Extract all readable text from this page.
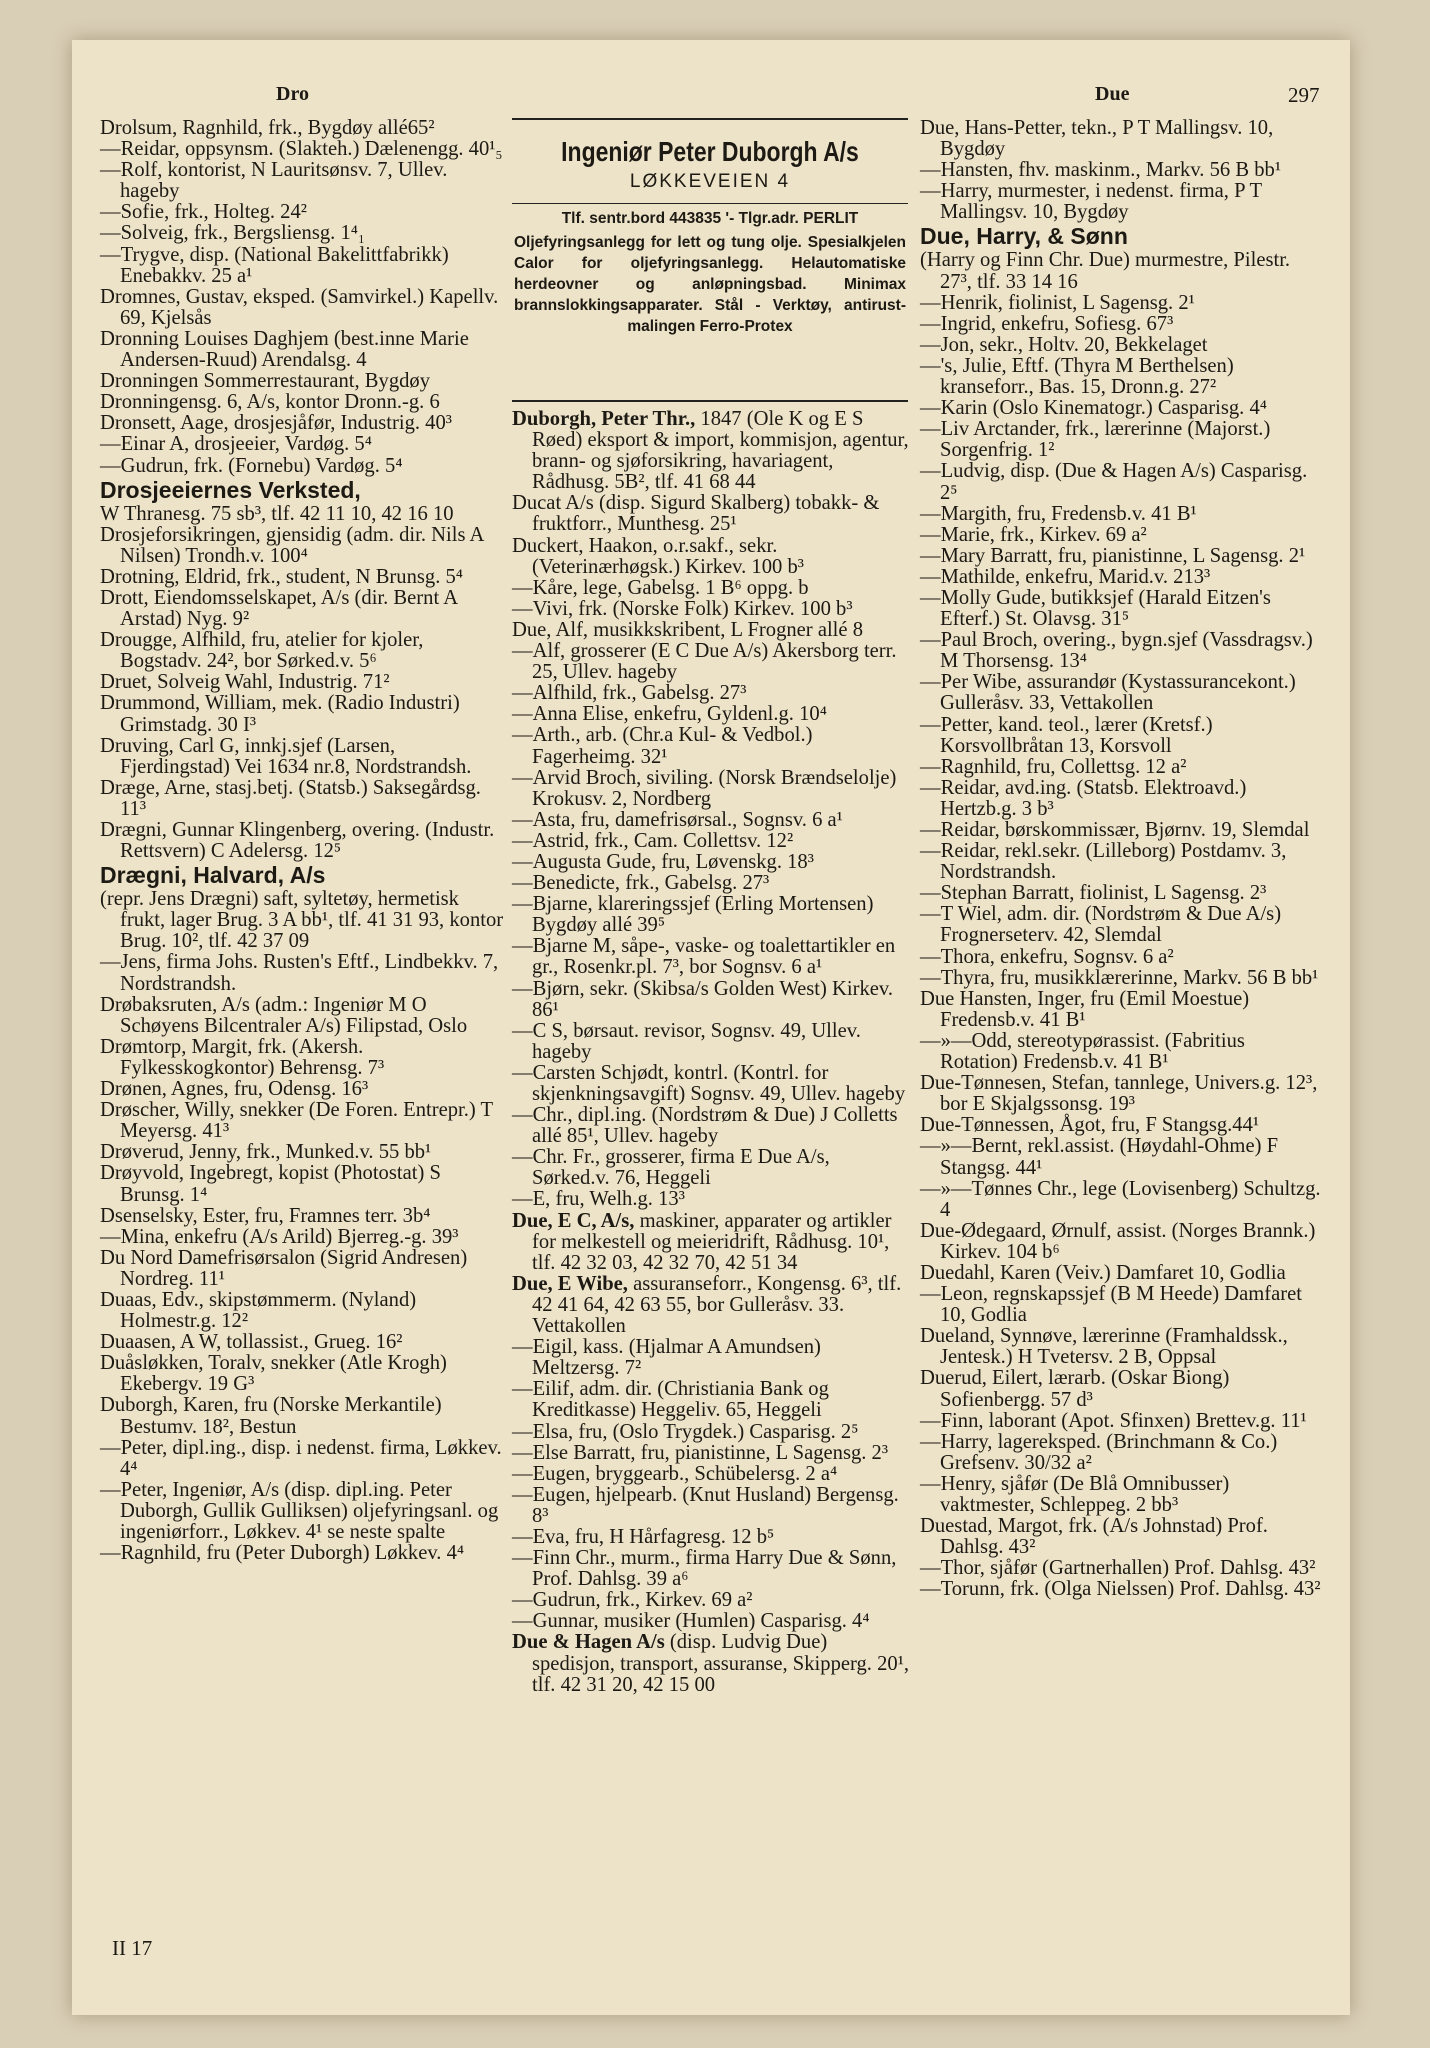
Dro	Due	297

Drolsum, Ragnhild, frk., Bygdøy allé65²

—Reidar, oppsynsm. (Slakteh.) Dælenengg. 40¹₅

—Rolf, kontorist, N Lauritsønsv. 7, Ullev. hageby

—Sofie, frk., Holteg. 24²

—Solveig, frk., Bergsliensg. 1⁴₁

—Trygve, disp. (National Bakelittfabrikk) Enebakkv. 25 a¹

Dromnes, Gustav, eksped. (Samvirkel.) Kapellv. 69, Kjelsås

Dronning Louises Daghjem (best.inne Marie Andersen-Ruud) Arendalsg. 4

Dronningen Sommerrestaurant, Bygdøy

Dronningensg. 6, A/s, kontor Dronn.-g. 6

Dronsett, Aage, drosjesjåfør, Industrig. 40³

—Einar A, drosjeeier, Vardøg. 5⁴

—Gudrun, frk. (Fornebu) Vardøg. 5⁴

Drosjeeiernes Verksted,

W Thranesg. 75 sb³, tlf. 42 11 10, 42 16 10

Drosjeforsikringen, gjensidig (adm. dir. Nils A Nilsen) Trondh.v. 100⁴

Drotning, Eldrid, frk., student, N Brunsg. 5⁴

Drott, Eiendomsselskapet, A/s (dir. Bernt A Arstad) Nyg. 9²

Drougge, Alfhild, fru, atelier for kjoler, Bogstadv. 24², bor Sørked.v. 5⁶

Druet, Solveig Wahl, Industrig. 71²

Drummond, William, mek. (Radio Industri) Grimstadg. 30 I³

Druving, Carl G, innkj.sjef (Larsen, Fjerdingstad) Vei 1634 nr.8, Nordstrandsh.

Dræge, Arne, stasj.betj. (Statsb.) Saksegårdsg. 11³

Drægni, Gunnar Klingenberg, overing. (Industr. Rettsvern) C Adelersg. 12⁵

Drægni, Halvard, A/s

(repr. Jens Drægni) saft, syltetøy, hermetisk frukt, lager Brug. 3 A bb¹, tlf. 41 31 93, kontor Brug. 10², tlf. 42 37 09

—Jens, firma Johs. Rusten's Eftf., Lindbekkv. 7, Nordstrandsh.

Drøbaksruten, A/s (adm.: Ingeniør M O Schøyens Bilcentraler A/s) Filipstad, Oslo

Drømtorp, Margit, frk. (Akersh. Fylkesskogkontor) Behrensg. 7³

Drønen, Agnes, fru, Odensg. 16³

Drøscher, Willy, snekker (De Foren. Entrepr.) T Meyersg. 41³

Drøverud, Jenny, frk., Munked.v. 55 bb¹

Drøyvold, Ingebregt, kopist (Photostat) S Brunsg. 1⁴

Dsenselsky, Ester, fru, Framnes terr. 3b⁴

—Mina, enkefru (A/s Arild) Bjerreg.-g. 39³

Du Nord Damefrisørsalon (Sigrid Andresen) Nordreg. 11¹

Duaas, Edv., skipstømmerm. (Nyland) Holmestr.g. 12²

Duaasen, A W, tollassist., Grueg. 16²

Duåsløkken, Toralv, snekker (Atle Krogh) Ekebergv. 19 G³

Duborgh, Karen, fru (Norske Merkantile) Bestumv. 18², Bestun

—Peter, dipl.ing., disp. i nedenst. firma, Løkkev. 4⁴

—Peter, Ingeniør, A/s (disp. dipl.ing. Peter Duborgh, Gullik Gulliksen) oljefyringsanl. og ingeniørforr., Løkkev. 4¹ se neste spalte

—Ragnhild, fru (Peter Duborgh) Løkkev. 4⁴

Ingeniør Peter Duborgh A/s
LØKKEVEIEN 4
Tlf. sentr.bord 443835 '- Tlgr.adr. PERLIT
Oljefyringsanlegg for lett og tung olje. Spesialkjelen Calor for oljefyringsanlegg. Helautomatiske herdeovner og anløpningsbad. Minimax brannslokkingsapparater. Stål - Verktøy, antirust-malingen Ferro-Protex

Duborgh, Peter Thr., 1847 (Ole K og E S Røed) eksport & import, kommisjon, agentur, brann- og sjøforsikring, havariagent, Rådhusg. 5B², tlf. 41 68 44

Ducat A/s (disp. Sigurd Skalberg) tobakk- & fruktforr., Munthesg. 25¹

Duckert, Haakon, o.r.sakf., sekr. (Veterinærhøgsk.) Kirkev. 100 b³

—Kåre, lege, Gabelsg. 1 B⁶ oppg. b

—Vivi, frk. (Norske Folk) Kirkev. 100 b³

Due, Alf, musikkskribent, L Frogner allé 8

—Alf, grosserer (E C Due A/s) Akersborg terr. 25, Ullev. hageby

—Alfhild, frk., Gabelsg. 27³

—Anna Elise, enkefru, Gyldenl.g. 10⁴

—Arth., arb. (Chr.a Kul- & Vedbol.) Fagerheimg. 32¹

—Arvid Broch, siviling. (Norsk Brændselolje) Krokusv. 2, Nordberg

—Asta, fru, damefrisørsal., Sognsv. 6 a¹

—Astrid, frk., Cam. Collettsv. 12²

—Augusta Gude, fru, Løvenskg. 18³

—Benedicte, frk., Gabelsg. 27³

—Bjarne, klareringssjef (Erling Mortensen) Bygdøy allé 39⁵

—Bjarne M, såpe-, vaske- og toalettartikler en gr., Rosenkr.pl. 7³, bor Sognsv. 6 a¹

—Bjørn, sekr. (Skibsa/s Golden West) Kirkev. 86¹

—C S, børsaut. revisor, Sognsv. 49, Ullev. hageby

—Carsten Schjødt, kontrl. (Kontrl. for skjenkningsavgift) Sognsv. 49, Ullev. hageby

—Chr., dipl.ing. (Nordstrøm & Due) J Colletts allé 85¹, Ullev. hageby

—Chr. Fr., grosserer, firma E Due A/s, Sørked.v. 76, Heggeli

—E, fru, Welh.g. 13³

Due, E C, A/s, maskiner, apparater og artikler for melkestell og meieridrift, Rådhusg. 10¹, tlf. 42 32 03, 42 32 70, 42 51 34

Due, E Wibe, assuranseforr., Kongensg. 6³, tlf. 42 41 64, 42 63 55, bor Gulleråsv. 33. Vettakollen

—Eigil, kass. (Hjalmar A Amundsen) Meltzersg. 7²

—Eilif, adm. dir. (Christiania Bank og Kreditkasse) Heggeliv. 65, Heggeli

—Elsa, fru, (Oslo Trygdek.) Casparisg. 2⁵

—Else Barratt, fru, pianistinne, L Sagensg. 2³

—Eugen, bryggearb., Schübelersg. 2 a⁴

—Eugen, hjelpearb. (Knut Husland) Bergensg. 8³

—Eva, fru, H Hårfagresg. 12 b⁵

—Finn Chr., murm., firma Harry Due & Sønn, Prof. Dahlsg. 39 a⁶

—Gudrun, frk., Kirkev. 69 a²

—Gunnar, musiker (Humlen) Casparisg. 4⁴

Due & Hagen A/s (disp. Ludvig Due) spedisjon, transport, assuranse, Skipperg. 20¹, tlf. 42 31 20, 42 15 00

Due, Hans-Petter, tekn., P T Mallingsv. 10, Bygdøy

—Hansten, fhv. maskinm., Markv. 56 B bb¹

—Harry, murmester, i nedenst. firma, P T Mallingsv. 10, Bygdøy

Due, Harry, & Sønn

(Harry og Finn Chr. Due) murmestre, Pilestr. 27³, tlf. 33 14 16

—Henrik, fiolinist, L Sagensg. 2¹

—Ingrid, enkefru, Sofiesg. 67³

—Jon, sekr., Holtv. 20, Bekkelaget

—'s, Julie, Eftf. (Thyra M Berthelsen) kranseforr., Bas. 15, Dronn.g. 27²

—Karin (Oslo Kinematogr.) Casparisg. 4⁴

—Liv Arctander, frk., lærerinne (Majorst.) Sorgenfrig. 1²

—Ludvig, disp. (Due & Hagen A/s) Casparisg. 2⁵

—Margith, fru, Fredensb.v. 41 B¹

—Marie, frk., Kirkev. 69 a²

—Mary Barratt, fru, pianistinne, L Sagensg. 2¹

—Mathilde, enkefru, Marid.v. 213³

—Molly Gude, butikksjef (Harald Eitzen's Efterf.) St. Olavsg. 31⁵

—Paul Broch, overing., bygn.sjef (Vassdragsv.) M Thorsensg. 13⁴

—Per Wibe, assurandør (Kystassurancekont.) Gulleråsv. 33, Vettakollen

—Petter, kand. teol., lærer (Kretsf.) Korsvollbråtan 13, Korsvoll

—Ragnhild, fru, Collettsg. 12 a²

—Reidar, avd.ing. (Statsb. Elektroavd.) Hertzb.g. 3 b³

—Reidar, børskommissær, Bjørnv. 19, Slemdal

—Reidar, rekl.sekr. (Lilleborg) Postdamv. 3, Nordstrandsh.

—Stephan Barratt, fiolinist, L Sagensg. 2³

—T Wiel, adm. dir. (Nordstrøm & Due A/s) Frognerseterv. 42, Slemdal

—Thora, enkefru, Sognsv. 6 a²

—Thyra, fru, musikklærerinne, Markv. 56 B bb¹

Due Hansten, Inger, fru (Emil Moestue) Fredensb.v. 41 B¹

—»—Odd, stereotypørassist. (Fabritius Rotation) Fredensb.v. 41 B¹

Due-Tønnesen, Stefan, tannlege, Univers.g. 12³, bor E Skjalgssonsg. 19³

Due-Tønnessen, Ågot, fru, F Stangsg.44¹

—»—Bernt, rekl.assist. (Høydahl-Ohme) F Stangsg. 44¹

—»—Tønnes Chr., lege (Lovisenberg) Schultzg. 4

Due-Ødegaard, Ørnulf, assist. (Norges Brannk.) Kirkev. 104 b⁶

Duedahl, Karen (Veiv.) Damfaret 10, Godlia

—Leon, regnskapssjef (B M Heede) Damfaret 10, Godlia

Dueland, Synnøve, lærerinne (Framhaldssk., Jentesk.) H Tvetersv. 2 B, Oppsal

Duerud, Eilert, lærarb. (Oskar Biong) Sofienbergg. 57 d³

—Finn, laborant (Apot. Sfinxen) Brettev.g. 11¹

—Harry, lagereksped. (Brinchmann & Co.) Grefsenv. 30/32 a²

—Henry, sjåfør (De Blå Omnibusser) vaktmester, Schleppeg. 2 bb³

Duestad, Margot, frk. (A/s Johnstad) Prof. Dahlsg. 43²

—Thor, sjåfør (Gartnerhallen) Prof. Dahlsg. 43²

—Torunn, frk. (Olga Nielssen) Prof. Dahlsg. 43²

II 17
